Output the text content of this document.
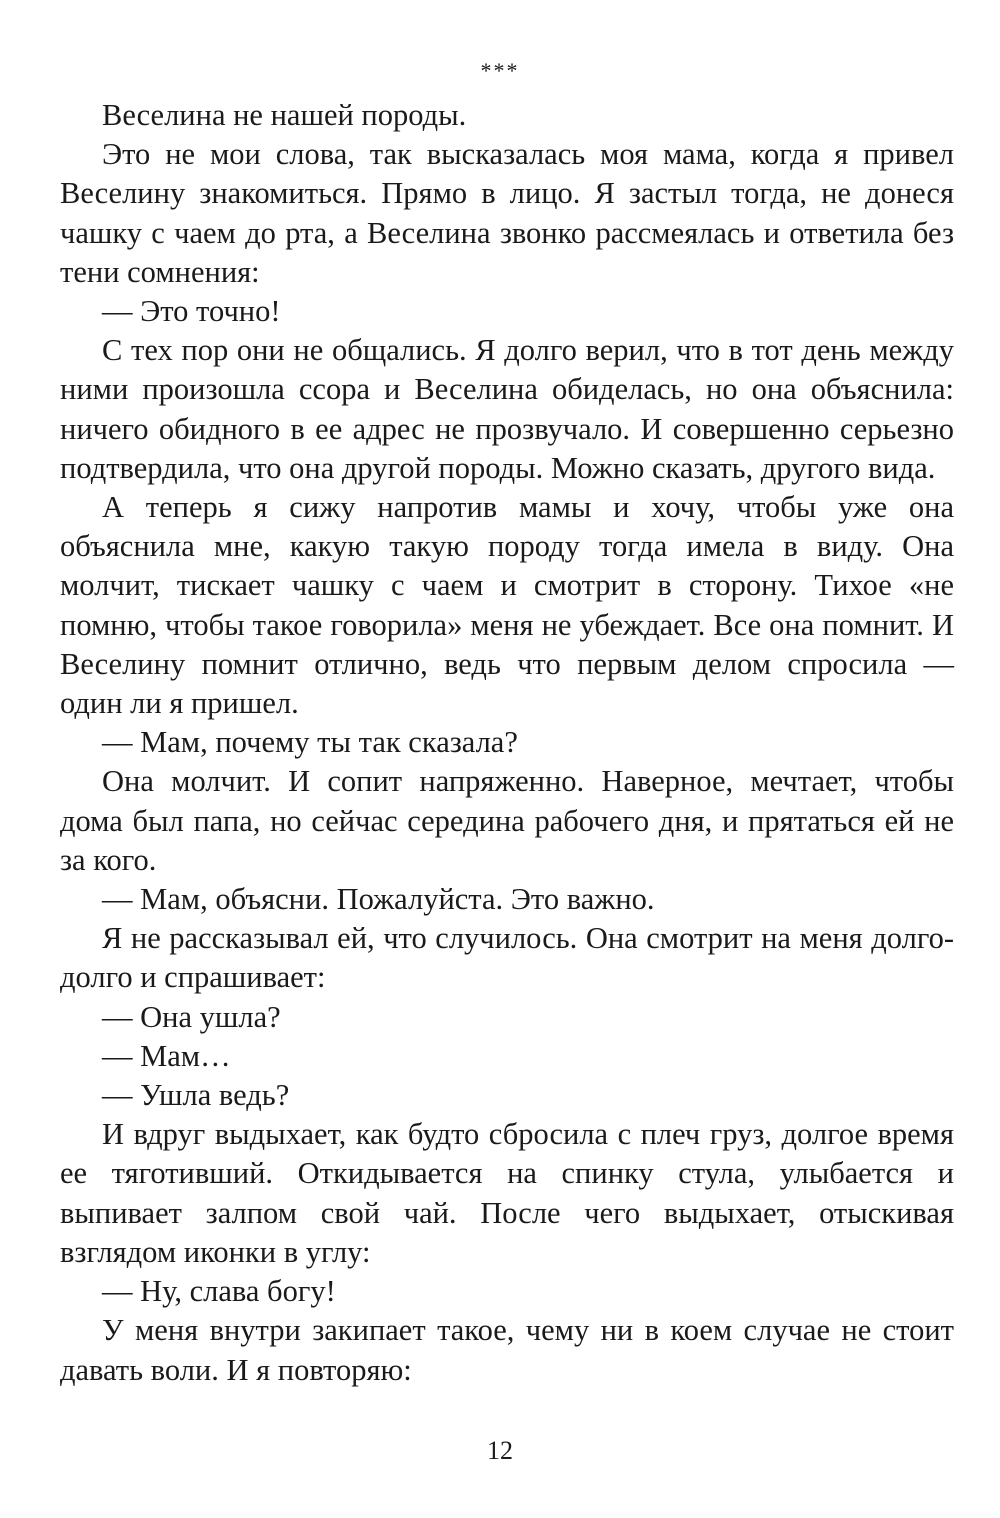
***

Веселина не нашей породы.

Это не мои слова, так высказалась моя мама, когда я привел Веселину знакомиться. Прямо в лицо. Я застыл тогда, не донеся чашку с чаем до рта, а Веселина звонко рассмеялась и ответила без тени сомнения:

— Это точно!

С тех пор они не общались. Я долго верил, что в тот день между ними произошла ссора и Веселина обиделась, но она объяснила: ничего обидного в ее адрес не прозвучало. И совершенно серьезно подтвердила, что она другой породы. Можно сказать, другого вида.

А теперь я сижу напротив мамы и хочу, чтобы уже она объяснила мне, какую такую породу тогда имела в виду. Она молчит, тискает чашку с чаем и смотрит в сторону. Тихое «не помню, чтобы такое говорила» меня не убеждает. Все она помнит. И Веселину помнит отлично, ведь что первым делом спросила — один ли я пришел.

— Мам, почему ты так сказала?

Она молчит. И сопит напряженно. Наверное, мечтает, чтобы дома был папа, но сейчас середина рабочего дня, и прятаться ей не за кого.

— Мам, объясни. Пожалуйста. Это важно.

Я не рассказывал ей, что случилось. Она смотрит на меня долго-долго и спрашивает:

— Она ушла?

— Мам…

— Ушла ведь?

И вдруг выдыхает, как будто сбросила с плеч груз, долгое время ее тяготивший. Откидывается на спинку стула, улыбается и выпивает залпом свой чай. После чего выдыхает, отыскивая взглядом иконки в углу:

— Ну, слава богу!

У меня внутри закипает такое, чему ни в коем случае не стоит давать воли. И я повторяю:

12
